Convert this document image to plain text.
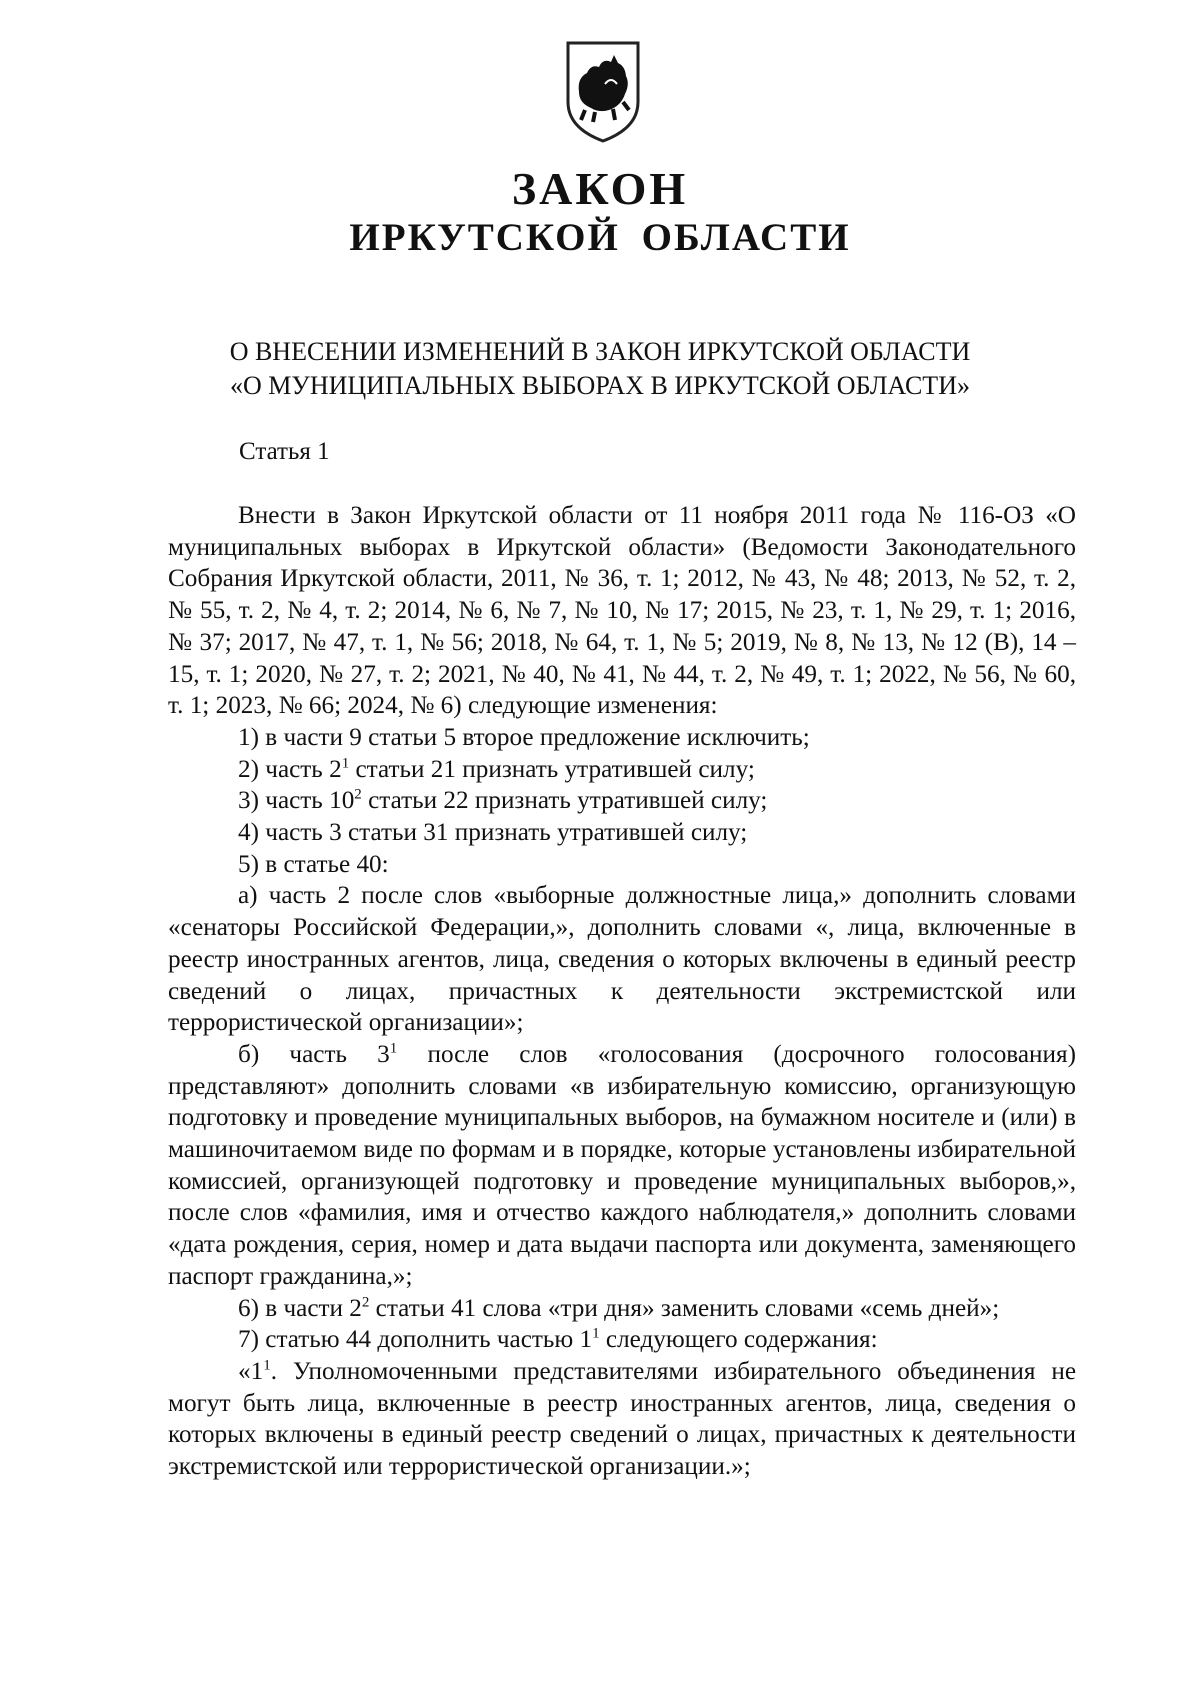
ЗАКОН
ИРКУТСКОЙ ОБЛАСТИ

О ВНЕСЕНИИ ИЗМЕНЕНИЙ В ЗАКОН ИРКУТСКОЙ ОБЛАСТИ

«О МУНИЦИПАЛЬНЫХ ВЫБОРАХ В ИРКУТСКОЙ ОБЛАСТИ»

Статья 1

Внести в Закон Иркутской области от 11 ноября 2011 года № 116-ОЗ «О муниципальных выборах в Иркутской области» (Ведомости Законодательного Собрания Иркутской области, 2011, № 36, т. 1; 2012, № 43, № 48; 2013, № 52, т. 2, № 55, т. 2, № 4, т. 2; 2014, № 6, № 7, № 10, № 17; 2015, № 23, т. 1, № 29, т. 1; 2016, № 37; 2017, № 47, т. 1, № 56; 2018, № 64, т. 1, № 5; 2019, № 8, № 13, № 12 (В), 14 – 15, т. 1; 2020, № 27, т. 2; 2021, № 40, № 41, № 44, т. 2, № 49, т. 1; 2022, № 56, № 60, т. 1; 2023, № 66; 2024, № 6) следующие изменения:

1) в части 9 статьи 5 второе предложение исключить;

2) часть $2^1$ статьи 21 признать утратившей силу;

3) часть $10^2$ статьи 22 признать утратившей силу;

4) часть 3 статьи 31 признать утратившей силу;

5) в статье 40:

а) часть 2 после слов «выборные должностные лица,» дополнить словами «сенаторы Российской Федерации,», дополнить словами «, лица, включенные в реестр иностранных агентов, лица, сведения о которых включены в единый реестр сведений о лицах, причастных к деятельности экстремистской или террористической организации»;

б) часть $3^1$ после слов «голосования (досрочного голосования) представляют» дополнить словами «в избирательную комиссию, организующую подготовку и проведение муниципальных выборов, на бумажном носителе и (или) в машиночитаемом виде по формам и в порядке, которые установлены избирательной комиссией, организующей подготовку и проведение муниципальных выборов,», после слов «фамилия, имя и отчество каждого наблюдателя,» дополнить словами «дата рождения, серия, номер и дата выдачи паспорта или документа, заменяющего паспорт гражданина,»;

6) в части $2^2$ статьи 41 слова «три дня» заменить словами «семь дней»;

7) статью 44 дополнить частью $1^1$ следующего содержания:

«$1^1$. Уполномоченными представителями избирательного объединения не могут быть лица, включенные в реестр иностранных агентов, лица, сведения о которых включены в единый реестр сведений о лицах, причастных к деятельности экстремистской или террористической организации.»;
